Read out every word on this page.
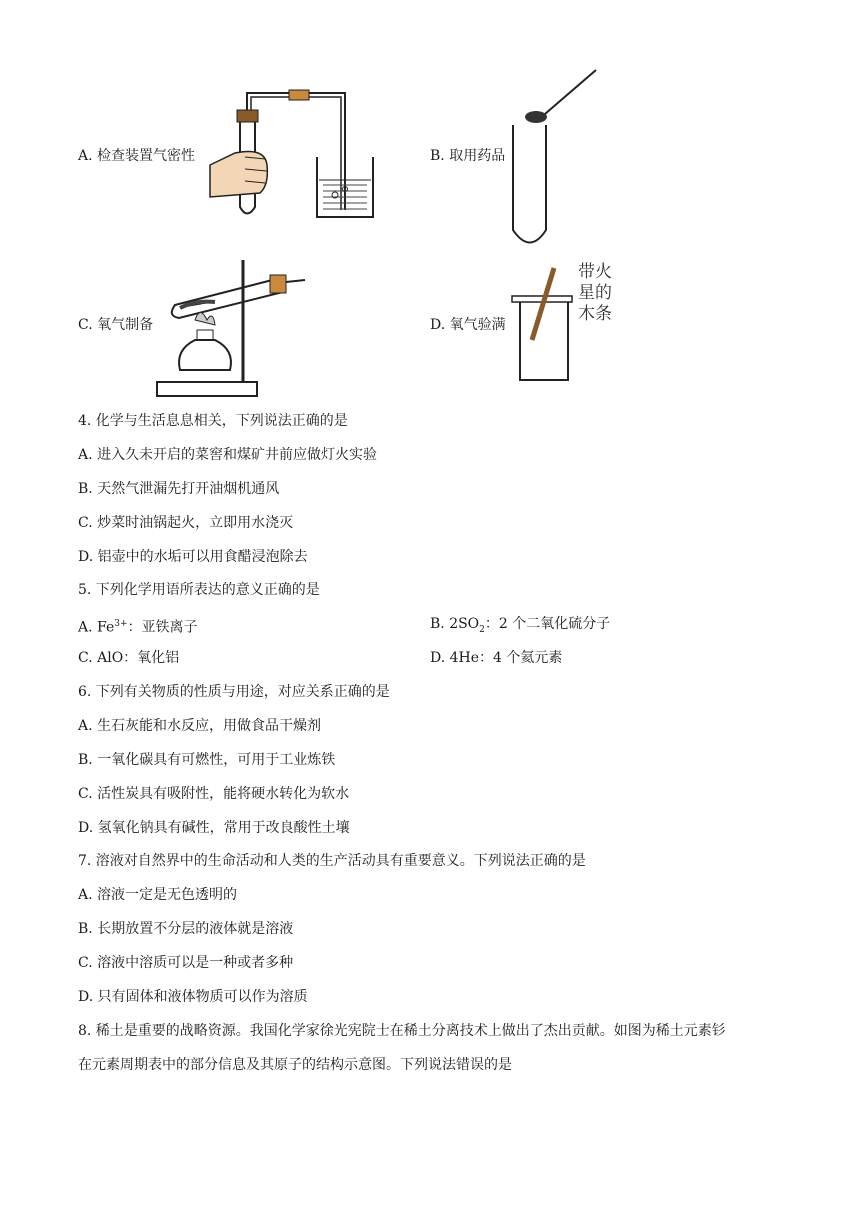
A. 检查装置气密性	B. 取用药品
C. 氧气制备	D. 氧气验满
带火
星的
木条
4. 化学与生活息息相关，下列说法正确的是
A. 进入久未开启的菜窖和煤矿井前应做灯火实验
B. 天然气泄漏先打开油烟机通风
C. 炒菜时油锅起火，立即用水浇灭
D. 铝壶中的水垢可以用食醋浸泡除去
5. 下列化学用语所表达的意义正确的是
A. $Fe^{3+}$：亚铁离子	B. $2SO_2$：2 个二氧化硫分子
C. AlO：氧化铝	D. 4He：4 个氦元素
6. 下列有关物质的性质与用途，对应关系正确的是
A. 生石灰能和水反应，用做食品干燥剂
B. 一氧化碳具有可燃性，可用于工业炼铁
C. 活性炭具有吸附性，能将硬水转化为软水
D. 氢氧化钠具有碱性，常用于改良酸性土壤
7. 溶液对自然界中的生命活动和人类的生产活动具有重要意义。下列说法正确的是
A. 溶液一定是无色透明的
B. 长期放置不分层的液体就是溶液
C. 溶液中溶质可以是一种或者多种
D. 只有固体和液体物质可以作为溶质
8. 稀土是重要的战略资源。我国化学家徐光宪院士在稀土分离技术上做出了杰出贡献。如图为稀土元素钐
在元素周期表中的部分信息及其原子的结构示意图。下列说法错误的是
